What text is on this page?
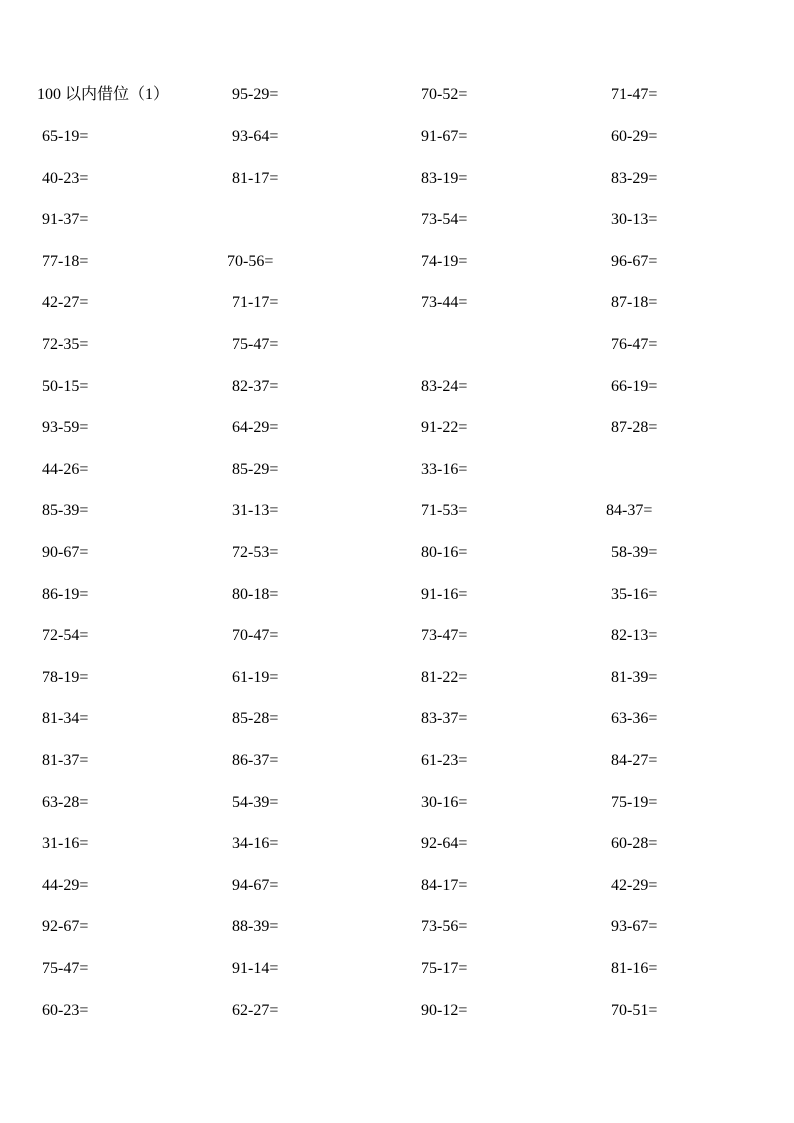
100 以内借位（1）
65-19=
40-23=
91-37=
77-18=
42-27=
72-35=
50-15=
93-59=
44-26=
85-39=
90-67=
86-19=
72-54=
78-19=
81-34=
81-37=
63-28=
31-16=
44-29=
92-67=
75-47=
60-23=
95-29=
93-64=
81-17=
70-56=
71-17=
75-47=
82-37=
64-29=
85-29=
31-13=
72-53=
80-18=
70-47=
61-19=
85-28=
86-37=
54-39=
34-16=
94-67=
88-39=
91-14=
62-27=
70-52=
91-67=
83-19=
73-54=
74-19=
73-44=
83-24=
91-22=
33-16=
71-53=
80-16=
91-16=
73-47=
81-22=
83-37=
61-23=
30-16=
92-64=
84-17=
73-56=
75-17=
90-12=
71-47=
60-29=
83-29=
30-13=
96-67=
87-18=
76-47=
66-19=
87-28=
84-37=
58-39=
35-16=
82-13=
81-39=
63-36=
84-27=
75-19=
60-28=
42-29=
93-67=
81-16=
70-51=
